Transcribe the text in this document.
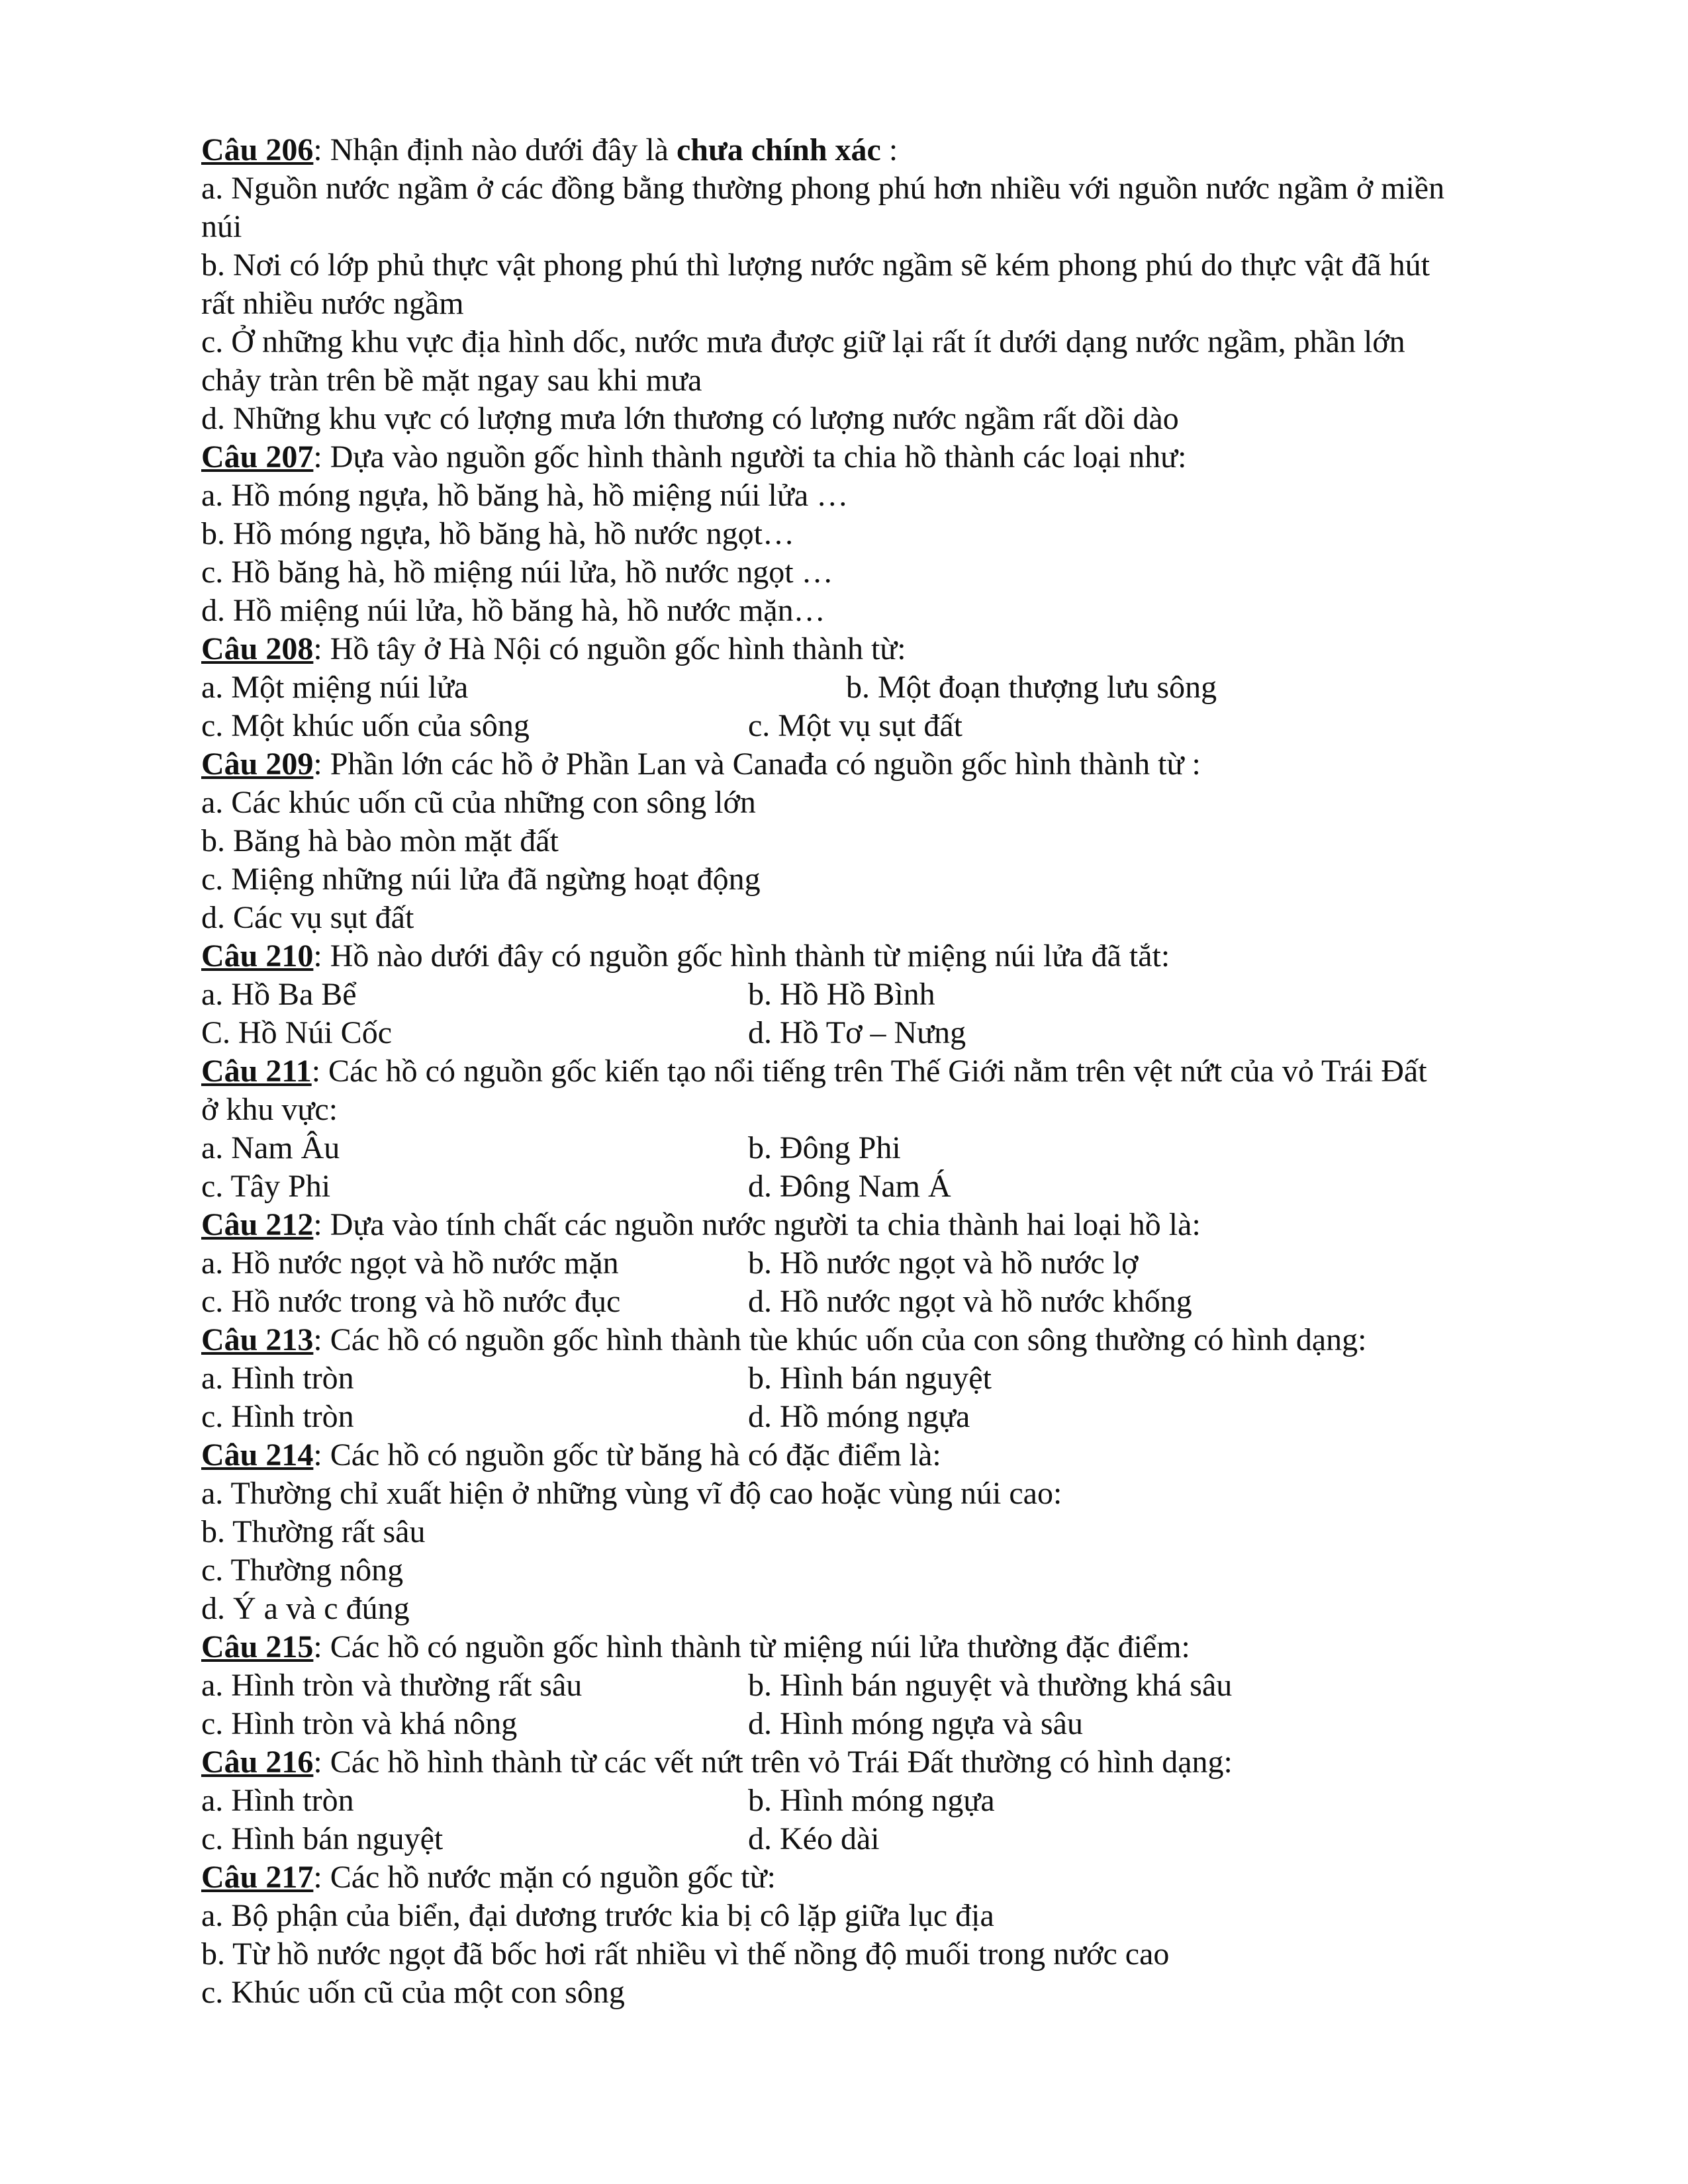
Câu 206: Nhận định nào dưới đây là chưa chính xác :
a. Nguồn nước ngầm ở các đồng bằng thường phong phú hơn nhiều với nguồn nước ngầm ở miền
núi
b. Nơi có lớp phủ thực vật phong phú thì lượng nước ngầm sẽ kém phong phú do thực vật đã hút
rất nhiều nước ngầm
c. Ở những khu vực địa hình dốc, nước mưa được giữ lại rất ít dưới dạng nước ngầm, phần lớn
chảy tràn trên bề mặt ngay sau khi mưa
d. Những khu vực có lượng mưa lớn thương có lượng nước ngầm rất dồi dào
Câu 207: Dựa vào nguồn gốc hình thành người ta chia hồ thành các loại như:
a. Hồ móng ngựa, hồ băng hà, hồ miệng núi lửa …
b. Hồ móng ngựa, hồ băng hà, hồ nước ngọt…
c. Hồ băng hà, hồ miệng núi lửa, hồ nước ngọt …
d. Hồ miệng núi lửa, hồ băng hà, hồ nước mặn…
Câu 208: Hồ tây ở Hà Nội có nguồn gốc hình thành từ:
a. Một miệng núi lửa	b. Một đoạn thượng lưu sông
c. Một khúc uốn của sông	c. Một vụ sụt đất
Câu 209: Phần lớn các hồ ở Phần Lan và Canađa có nguồn gốc hình thành từ :
a. Các khúc uốn cũ của những con sông lớn
b. Băng hà bào mòn mặt đất
c. Miệng những núi lửa đã ngừng hoạt động
d. Các vụ sụt đất
Câu 210: Hồ nào dưới đây có nguồn gốc hình thành từ miệng núi lửa đã tắt:
a. Hồ Ba Bể	b. Hồ Hồ Bình
C. Hồ Núi Cốc	d. Hồ Tơ – Nưng
Câu 211: Các hồ có nguồn gốc kiến tạo nổi tiếng trên Thế Giới nằm trên vệt nứt của vỏ Trái Đất
ở khu vực:
a. Nam Âu	b. Đông Phi
c. Tây Phi	d. Đông Nam Á
Câu 212: Dựa vào tính chất các nguồn nước người ta chia thành hai loại hồ là:
a. Hồ nước ngọt và hồ nước mặn	b. Hồ nước ngọt và hồ nước lợ
c. Hồ nước trong và hồ nước đục	d. Hồ nước ngọt và hồ nước khống
Câu 213: Các hồ có nguồn gốc hình thành tùe khúc uốn của con sông thường có hình dạng:
a. Hình tròn	b. Hình bán nguyệt
c. Hình tròn	d. Hồ móng ngựa
Câu 214: Các hồ có nguồn gốc từ băng hà có đặc điểm là:
a. Thường chỉ xuất hiện ở những vùng vĩ độ cao hoặc vùng núi cao:
b. Thường rất sâu
c. Thường nông
d. Ý a và c đúng
Câu 215: Các hồ có nguồn gốc hình thành từ miệng núi lửa thường đặc điểm:
a. Hình tròn và thường rất sâu	b. Hình bán nguyệt và thường khá sâu
c. Hình tròn và khá nông	d. Hình móng ngựa và sâu
Câu 216: Các hồ hình thành từ các vết nứt trên vỏ Trái Đất thường có hình dạng:
a. Hình tròn	b. Hình móng ngựa
c. Hình bán nguyệt	d. Kéo dài
Câu 217: Các hồ nước mặn có nguồn gốc từ:
a. Bộ phận của biển, đại dương trước kia bị cô lặp giữa lục địa
b. Từ hồ nước ngọt đã bốc hơi rất nhiều vì thế nồng độ muối trong nước cao
c. Khúc uốn cũ của một con sông
